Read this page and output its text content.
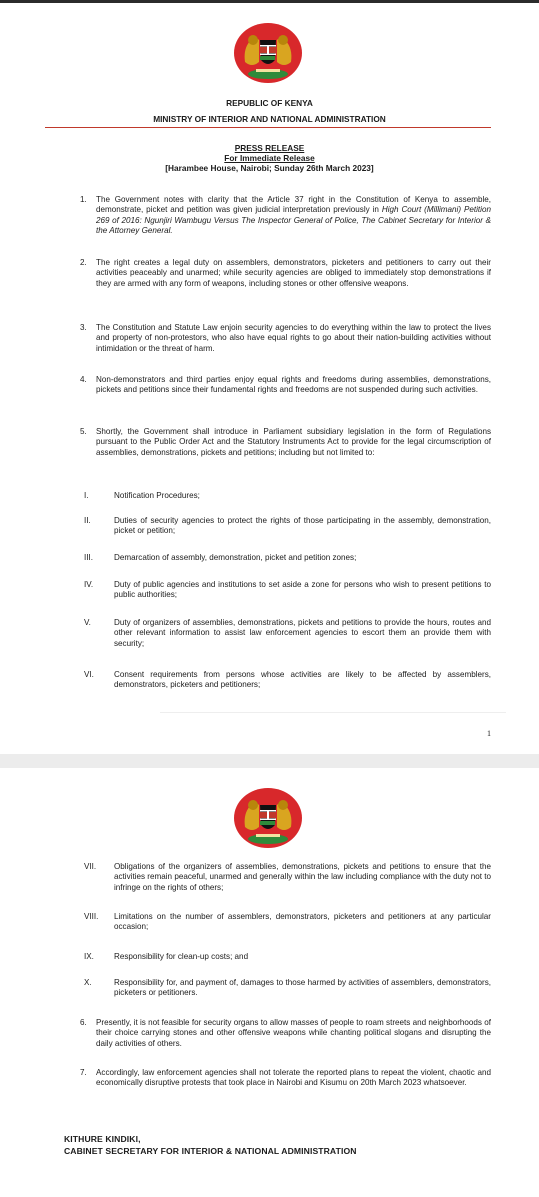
REPUBLIC OF KENYA
MINISTRY OF INTERIOR AND NATIONAL ADMINISTRATION
PRESS RELEASE
For Immediate Release
[Harambee House, Nairobi; Sunday 26th March 2023]
1. The Government notes with clarity that the Article 37 right in the Constitution of Kenya to assemble, demonstrate, picket and petition was given judicial interpretation previously in High Court (Millimani) Petition 269 of 2016: Ngunjiri Wambugu Versus The Inspector General of Police, The Cabinet Secretary for Interior & the Attorney General.
2. The right creates a legal duty on assemblers, demonstrators, picketers and petitioners to carry out their activities peaceably and unarmed; while security agencies are obliged to immediately stop demonstrations if they are armed with any form of weapons, including stones or other offensive weapons.
3. The Constitution and Statute Law enjoin security agencies to do everything within the law to protect the lives and property of non-protestors, who also have equal rights to go about their nation-building activities without intimidation or the threat of harm.
4. Non-demonstrators and third parties enjoy equal rights and freedoms during assemblies, demonstrations, pickets and petitions since their fundamental rights and freedoms are not suspended during such activities.
5. Shortly, the Government shall introduce in Parliament subsidiary legislation in the form of Regulations pursuant to the Public Order Act and the Statutory Instruments Act to provide for the legal circumscription of assemblies, demonstrations, pickets and petitions; including but not limited to:
I.	Notification Procedures;
II.	Duties of security agencies to protect the rights of those participating in the assembly, demonstration, picket or petition;
III.	Demarcation of assembly, demonstration, picket and petition zones;
IV.	Duty of public agencies and institutions to set aside a zone for persons who wish to present petitions to public authorities;
V.	Duty of organizers of assemblies, demonstrations, pickets and petitions to provide the hours, routes and other relevant information to assist law enforcement agencies to escort them an provide them with security;
VI.	Consent requirements from persons whose activities are likely to be affected by assemblers, demonstrators, picketers and petitioners;
1
VII.	Obligations of the organizers of assemblies, demonstrations, pickets and petitions to ensure that the activities remain peaceful, unarmed and generally within the law including compliance with the duty not to infringe on the rights of others;
VIII.	Limitations on the number of assemblers, demonstrators, picketers and petitioners at any particular occasion;
IX.	Responsibility for clean-up costs; and
X.	Responsibility for, and payment of, damages to those harmed by activities of assemblers, demonstrators, picketers or petitioners.
6. Presently, it is not feasible for security organs to allow masses of people to roam streets and neighborhoods of their choice carrying stones and other offensive weapons while chanting political slogans and disrupting the daily activities of others.
7. Accordingly, law enforcement agencies shall not tolerate the reported plans to repeat the violent, chaotic and economically disruptive protests that took place in Nairobi and Kisumu on 20th March 2023 whatsoever.
KITHURE KINDIKI,
CABINET SECRETARY FOR INTERIOR & NATIONAL ADMINISTRATION
